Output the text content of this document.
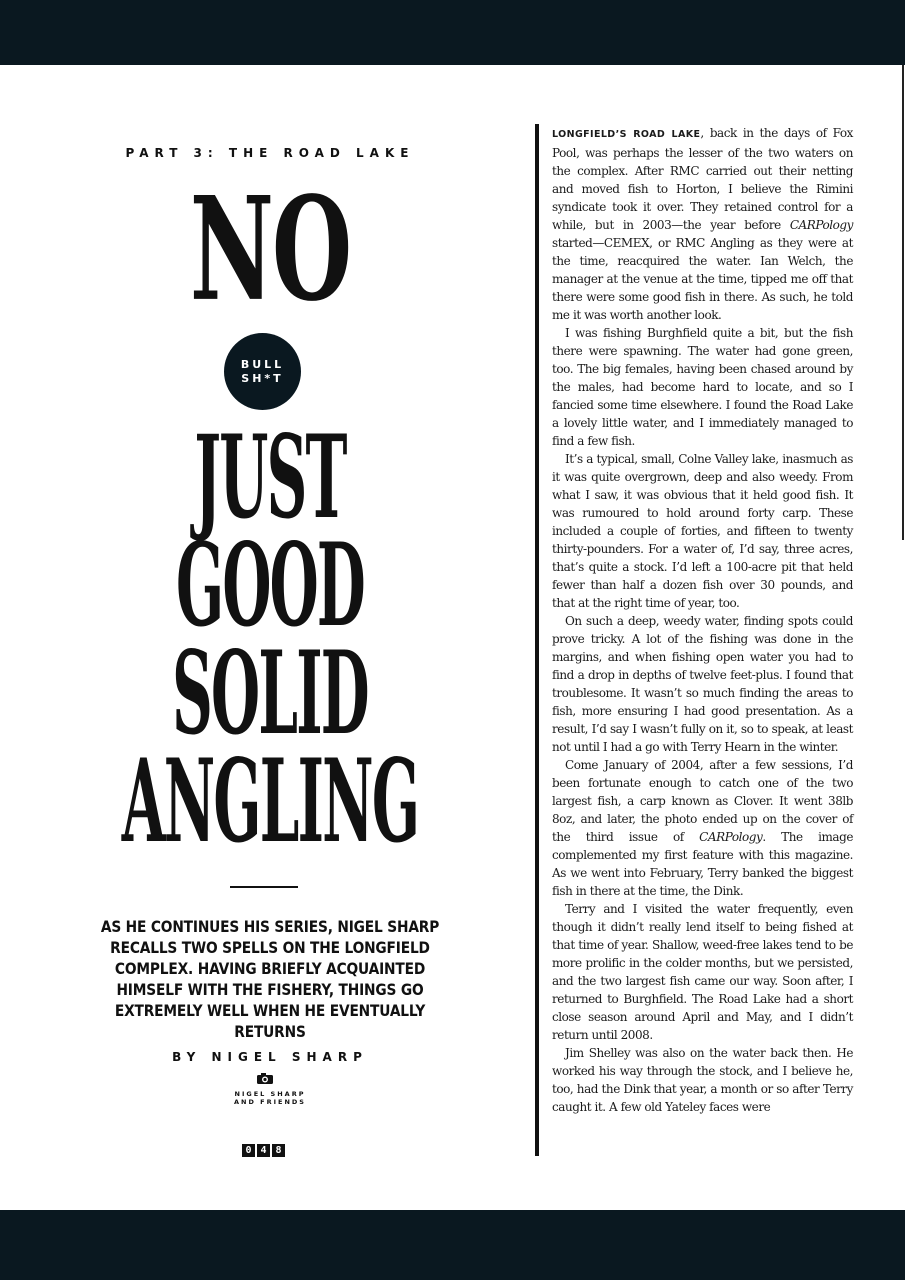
PART 3: THE ROAD LAKE
NO
BULL
SH*T
JUST
GOOD
SOLID
ANGLING
AS HE CONTINUES HIS SERIES, NIGEL SHARP RECALLS TWO SPELLS ON THE LONGFIELD COMPLEX. HAVING BRIEFLY ACQUAINTED HIMSELF WITH THE FISHERY, THINGS GO EXTREMELY WELL WHEN HE EVENTUALLY RETURNS
BY NIGEL SHARP
NIGEL SHARP
AND FRIENDS
0 4 8

LONGFIELD’S ROAD LAKE, back in the days of Fox Pool, was perhaps the lesser of the two waters on the complex. After RMC carried out their netting and moved fish to Horton, I believe the Rimini syndicate took it over. They retained control for a while, but in 2003—the year before CARPology started—CEMEX, or RMC Angling as they were at the time, reacquired the water. Ian Welch, the manager at the venue at the time, tipped me off that there were some good fish in there. As such, he told me it was worth another look.

I was fishing Burghfield quite a bit, but the fish there were spawning. The water had gone green, too. The big females, having been chased around by the males, had become hard to locate, and so I fancied some time elsewhere. I found the Road Lake a lovely little water, and I immediately managed to find a few fish.

It’s a typical, small, Colne Valley lake, inasmuch as it was quite overgrown, deep and also weedy. From what I saw, it was obvious that it held good fish. It was rumoured to hold around forty carp. These included a couple of forties, and fifteen to twenty thirty-pounders. For a water of, I’d say, three acres, that’s quite a stock. I’d left a 100-acre pit that held fewer than half a dozen fish over 30 pounds, and that at the right time of year, too.

On such a deep, weedy water, finding spots could prove tricky. A lot of the fishing was done in the margins, and when fishing open water you had to find a drop in depths of twelve feet-plus. I found that troublesome. It wasn’t so much finding the areas to fish, more ensuring I had good presentation. As a result, I’d say I wasn’t fully on it, so to speak, at least not until I had a go with Terry Hearn in the winter.

Come January of 2004, after a few sessions, I’d been fortunate enough to catch one of the two largest fish, a carp known as Clover. It went 38lb 8oz, and later, the photo ended up on the cover of the third issue of CARPology. The image complemented my first feature with this magazine. As we went into February, Terry banked the biggest fish in there at the time, the Dink.

Terry and I visited the water frequently, even though it didn’t really lend itself to being fished at that time of year. Shallow, weed-free lakes tend to be more prolific in the colder months, but we persisted, and the two largest fish came our way. Soon after, I returned to Burghfield. The Road Lake had a short close season around April and May, and I didn’t return until 2008.

Jim Shelley was also on the water back then. He worked his way through the stock, and I believe he, too, had the Dink that year, a month or so after Terry caught it. A few old Yateley faces were
